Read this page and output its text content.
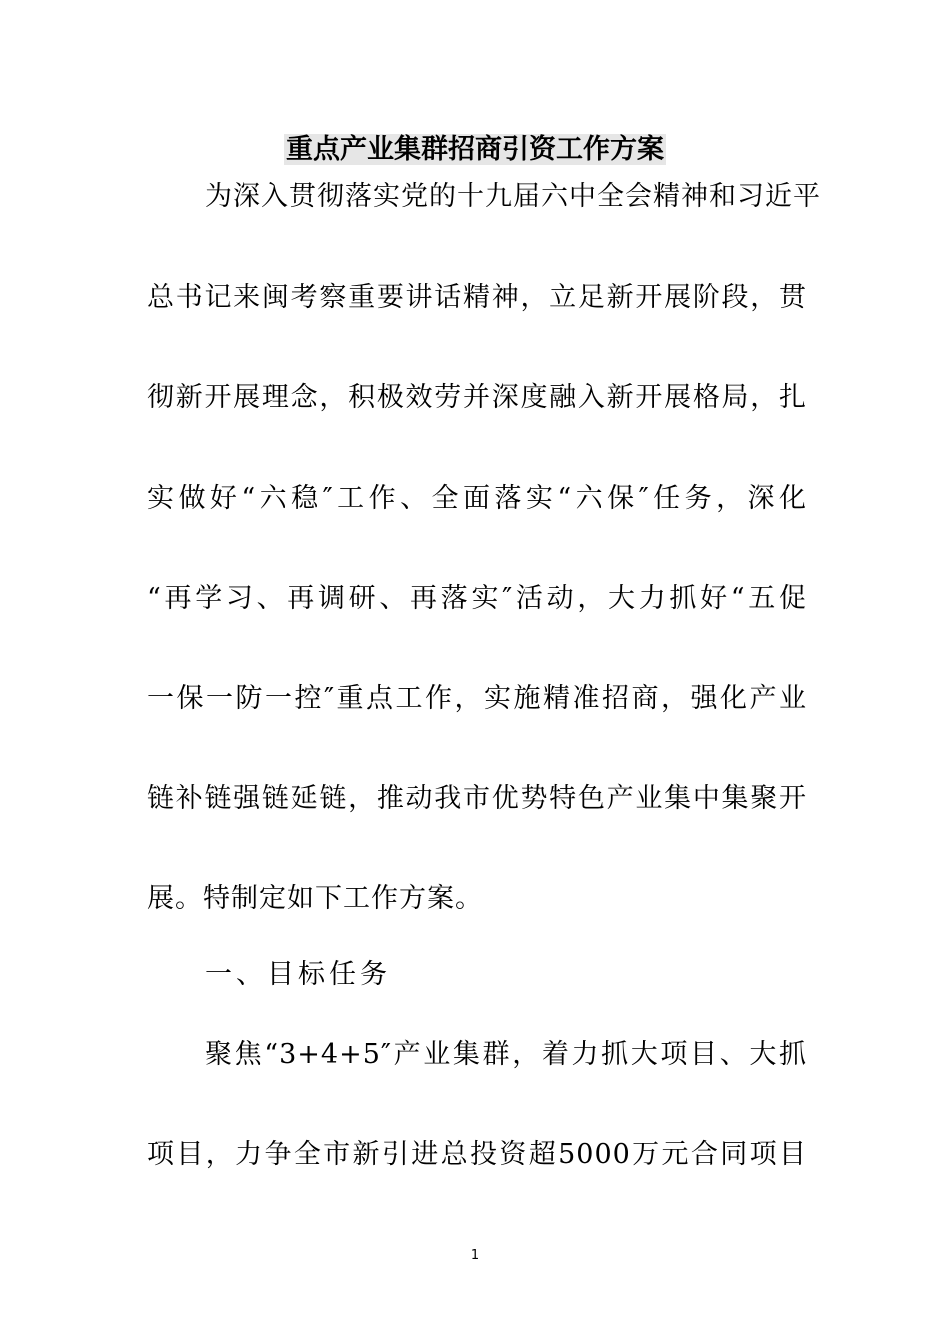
重点产业集群招商引资工作方案
为深入贯彻落实党的十九届六中全会精神和习近平
总书记来闽考察重要讲话精神，立足新开展阶段，贯
彻新开展理念，积极效劳并深度融入新开展格局，扎
实做好“六稳″工作、全面落实“六保″任务，深化
“再学习、再调研、再落实″活动，大力抓好“五促
一保一防一控″重点工作，实施精准招商，强化产业
链补链强链延链，推动我市优势特色产业集中集聚开
展。特制定如下工作方案。
一、目标任务
聚焦“3+4+5″产业集群，着力抓大项目、大抓
项目，力争全市新引进总投资超5000万元合同项目
1
